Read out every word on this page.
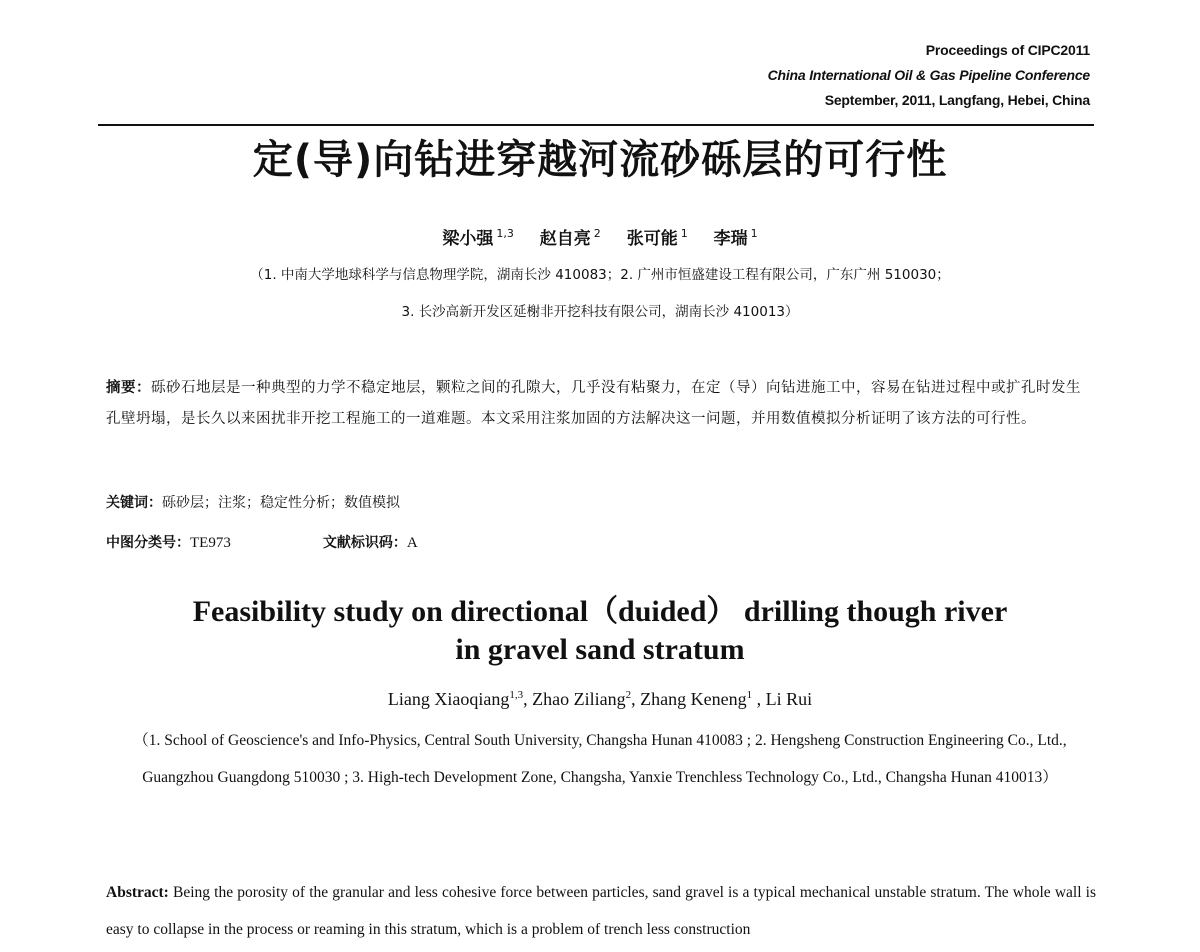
Proceedings of CIPC2011
China International Oil & Gas Pipeline Conference
September, 2011, Langfang, Hebei, China
定(导)向钻进穿越河流砂砾层的可行性
梁小强 $^{1,3}$ 赵自亮 $^2$ 张可能 $^1$ 李瑞 $^1$
（1. 中南大学地球科学与信息物理学院，湖南长沙 410083；2. 广州市恒盛建设工程有限公司，广东广州 510030；
3. 长沙高新开发区延榭非开挖科技有限公司，湖南长沙 410013）
摘要：砾砂石地层是一种典型的力学不稳定地层，颗粒之间的孔隙大，几乎没有粘聚力，在定（导）向钻进施工中，容易在钻进过程中或扩孔时发生孔壁坍塌，是长久以来困扰非开挖工程施工的一道难题。本文采用注浆加固的方法解决这一问题，并用数值模拟分析证明了该方法的可行性。
关键词：砾砂层；注浆；稳定性分析；数值模拟
中图分类号：TE973	文献标识码：A
Feasibility study on directional（duided） drilling though river
in gravel sand stratum
Liang Xiaoqiang$^{1,3}$, Zhao Ziliang$^2$, Zhang Keneng$^1$ , Li Rui
（1. School of Geoscience's and Info-Physics, Central South University, Changsha Hunan 410083 ; 2. Hengsheng Construction Engineering Co., Ltd., Guangzhou Guangdong 510030 ; 3. High-tech Development Zone, Changsha, Yanxie Trenchless Technology Co., Ltd., Changsha Hunan 410013）
Abstract: Being the porosity of the granular and less cohesive force between particles, sand gravel is a typical mechanical unstable stratum. The whole wall is easy to collapse in the process or reaming in this stratum, which is a problem of trench less construction
